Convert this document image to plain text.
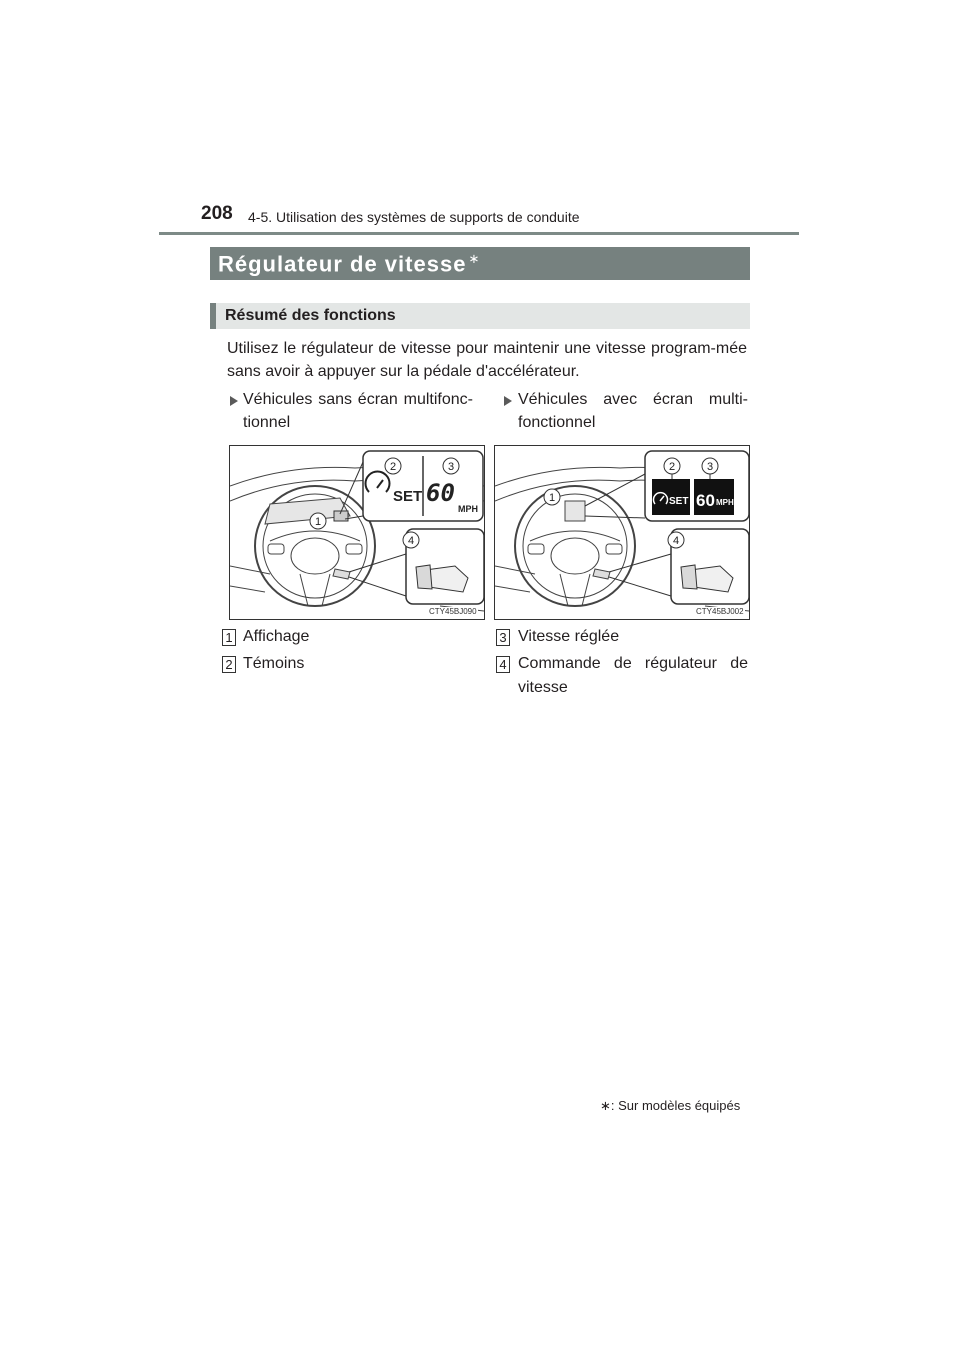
208 4-5. Utilisation des systèmes de supports de conduite
Régulateur de vitesse ∗
Résumé des fonctions
Utilisez le régulateur de vitesse pour maintenir une vitesse program-mée sans avoir à appuyer sur la pédale d'accélérateur.
Véhicules sans écran multifonc-tionnel
Véhicules avec écran multi-fonctionnel
SET 60
MPH
1
2	3
4
CTY45BJ090
SET 60 MPH
1
2	3
4
CTY45BJ002
1 Affichage
2 Témoins
3 Vitesse réglée
4 Commande de régulateur de vitesse
∗: Sur modèles équipés
